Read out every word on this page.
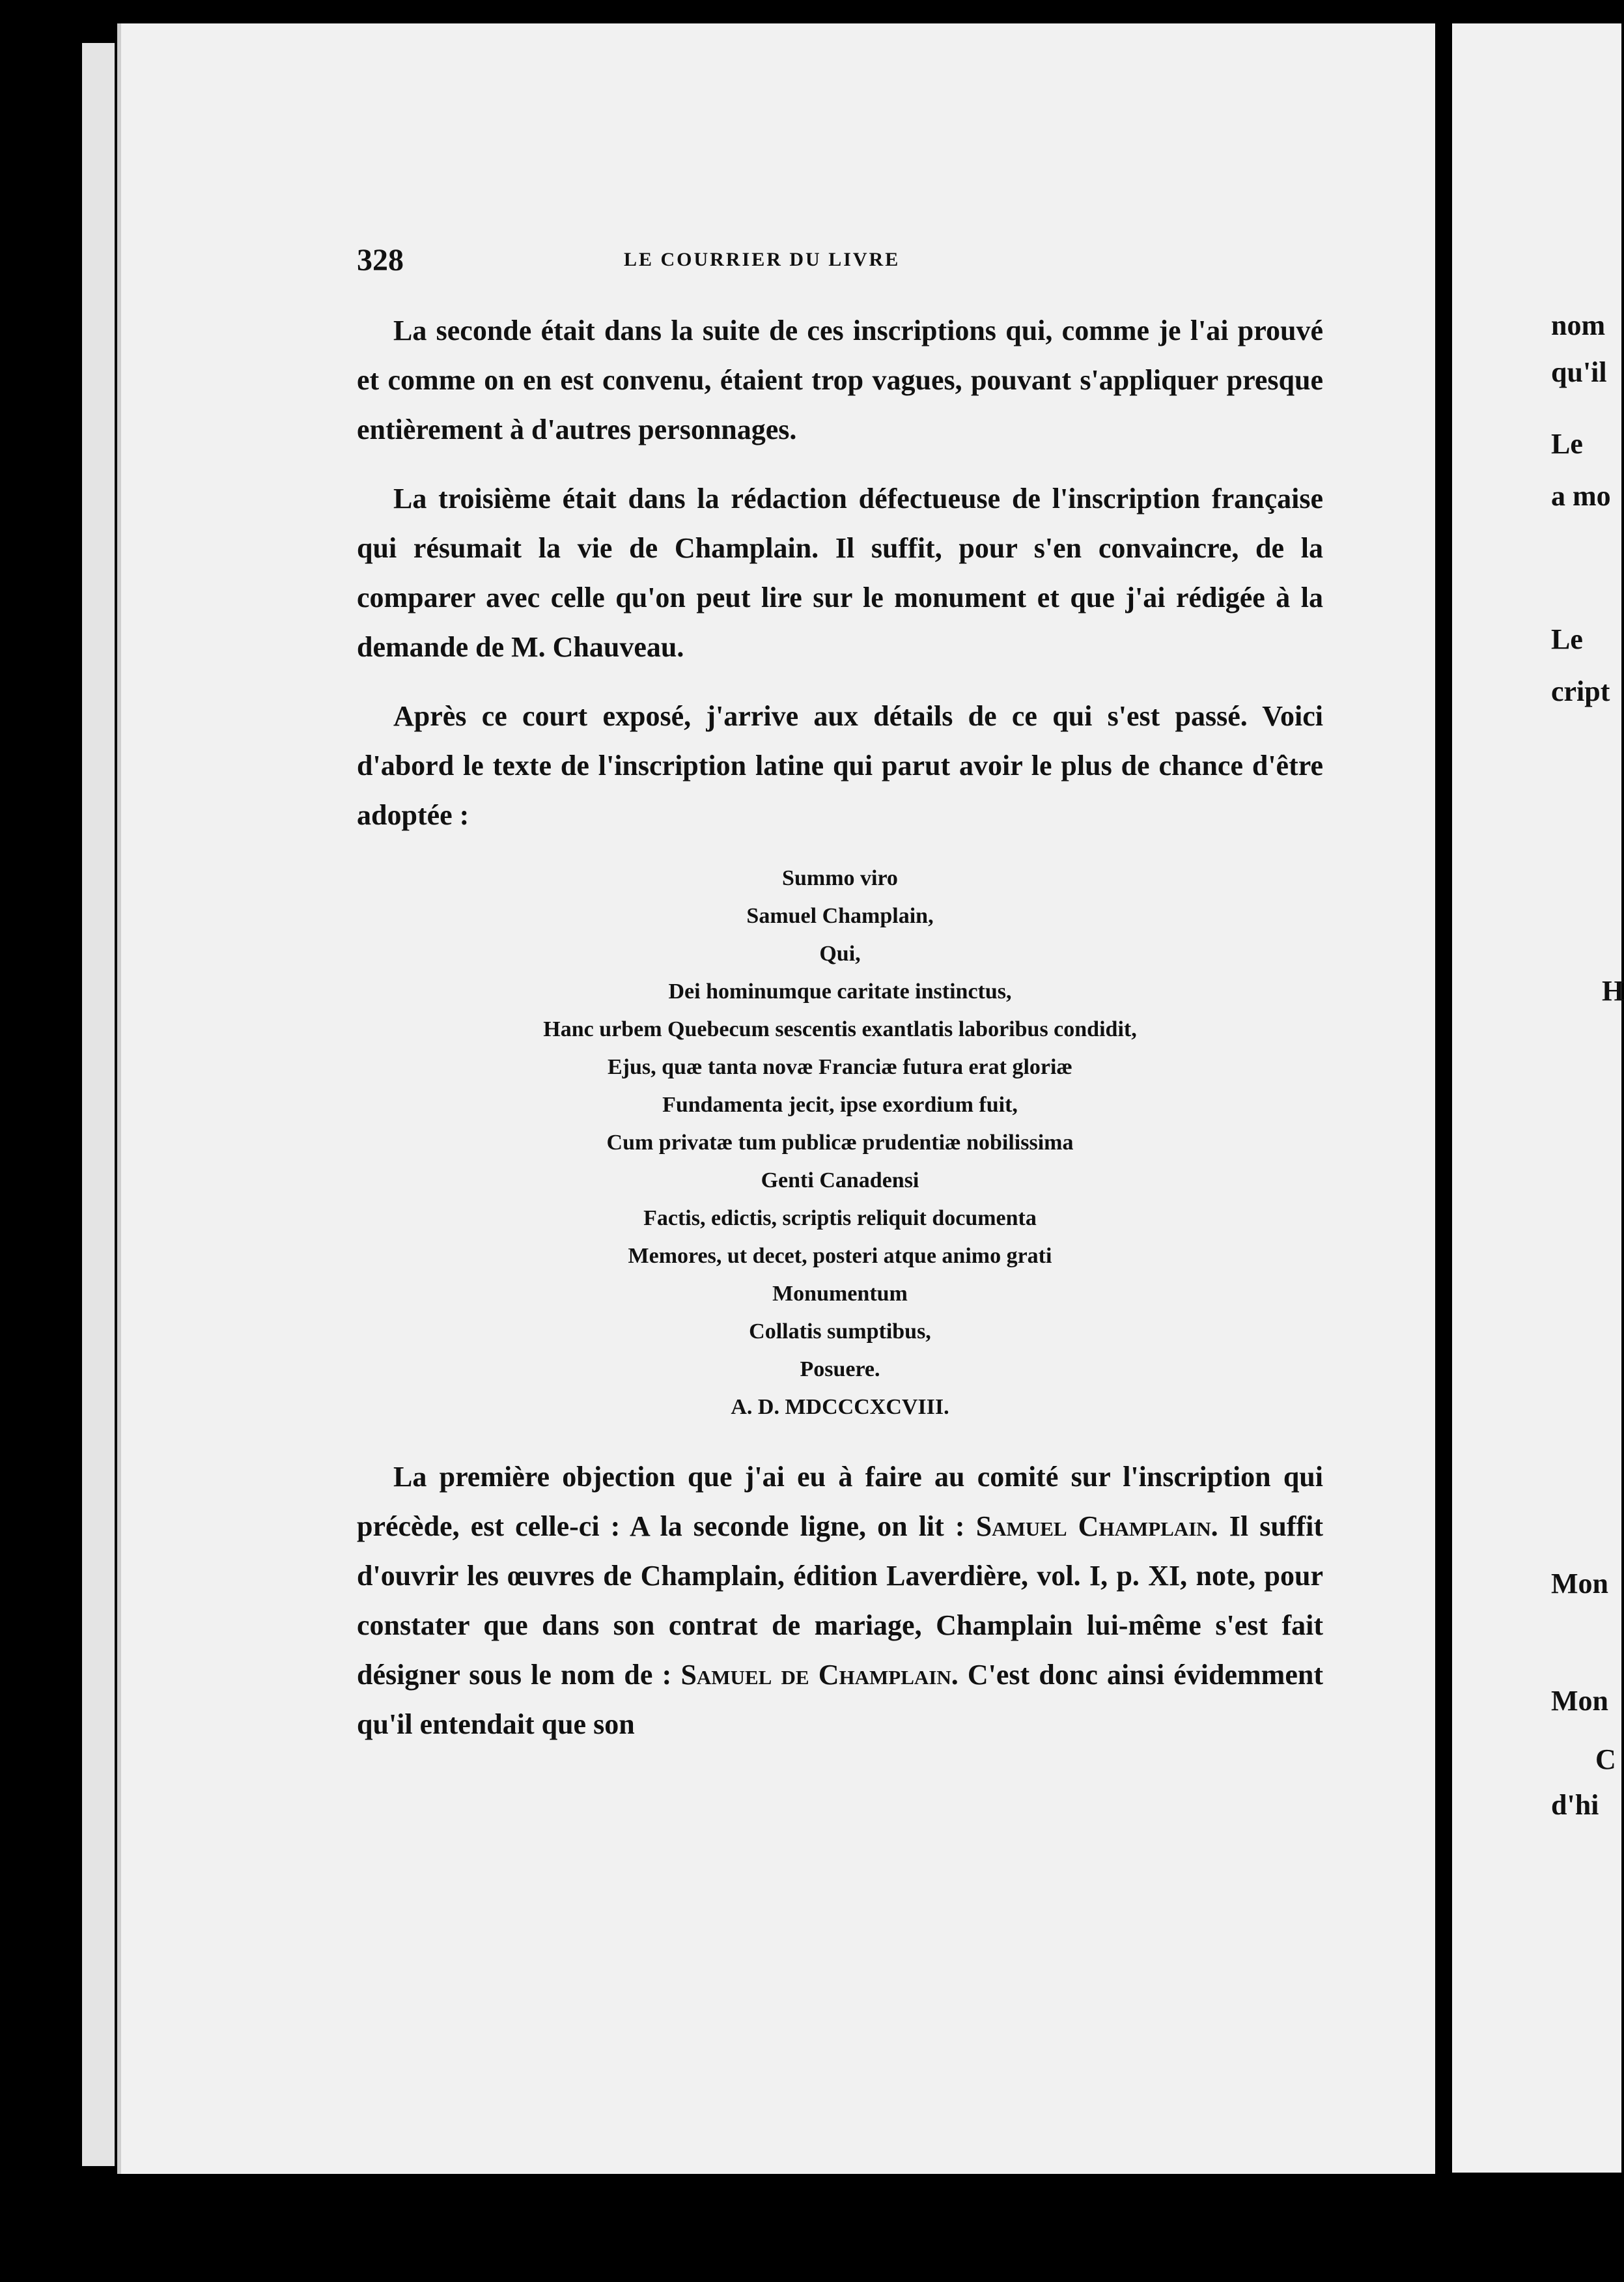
nom
qu'il
Le
a mo
Le
cript
H
Mon
Mon
C
d'hi
328	LE COURRIER DU LIVRE

La seconde était dans la suite de ces inscriptions qui, comme je l'ai prouvé et comme on en est convenu, étaient trop vagues, pouvant s'appliquer presque entièrement à d'autres personnages.

La troisième était dans la rédaction défectueuse de l'inscription française qui résumait la vie de Champlain. Il suffit, pour s'en convaincre, de la comparer avec celle qu'on peut lire sur le monument et que j'ai rédigée à la demande de M. Chauveau.

Après ce court exposé, j'arrive aux détails de ce qui s'est passé. Voici d'abord le texte de l'inscription latine qui parut avoir le plus de chance d'être adoptée :

Summo viro
Samuel Champlain,
Qui,
Dei hominumque caritate instinctus,
Hanc urbem Quebecum sescentis exantlatis laboribus condidit,
Ejus, quæ tanta novæ Franciæ futura erat gloriæ
Fundamenta jecit, ipse exordium fuit,
Cum privatæ tum publicæ prudentiæ nobilissima
Genti Canadensi
Factis, edictis, scriptis reliquit documenta
Memores, ut decet, posteri atque animo grati
Monumentum
Collatis sumptibus,
Posuere.
A. D. MDCCCXCVIII.

La première objection que j'ai eu à faire au comité sur l'inscription qui précède, est celle-ci : A la seconde ligne, on lit : Samuel Champlain. Il suffit d'ouvrir les œuvres de Champlain, édition Laverdière, vol. I, p. XI, note, pour constater que dans son contrat de mariage, Champlain lui-même s'est fait désigner sous le nom de : Samuel de Champlain. C'est donc ainsi évidemment qu'il entendait que son
